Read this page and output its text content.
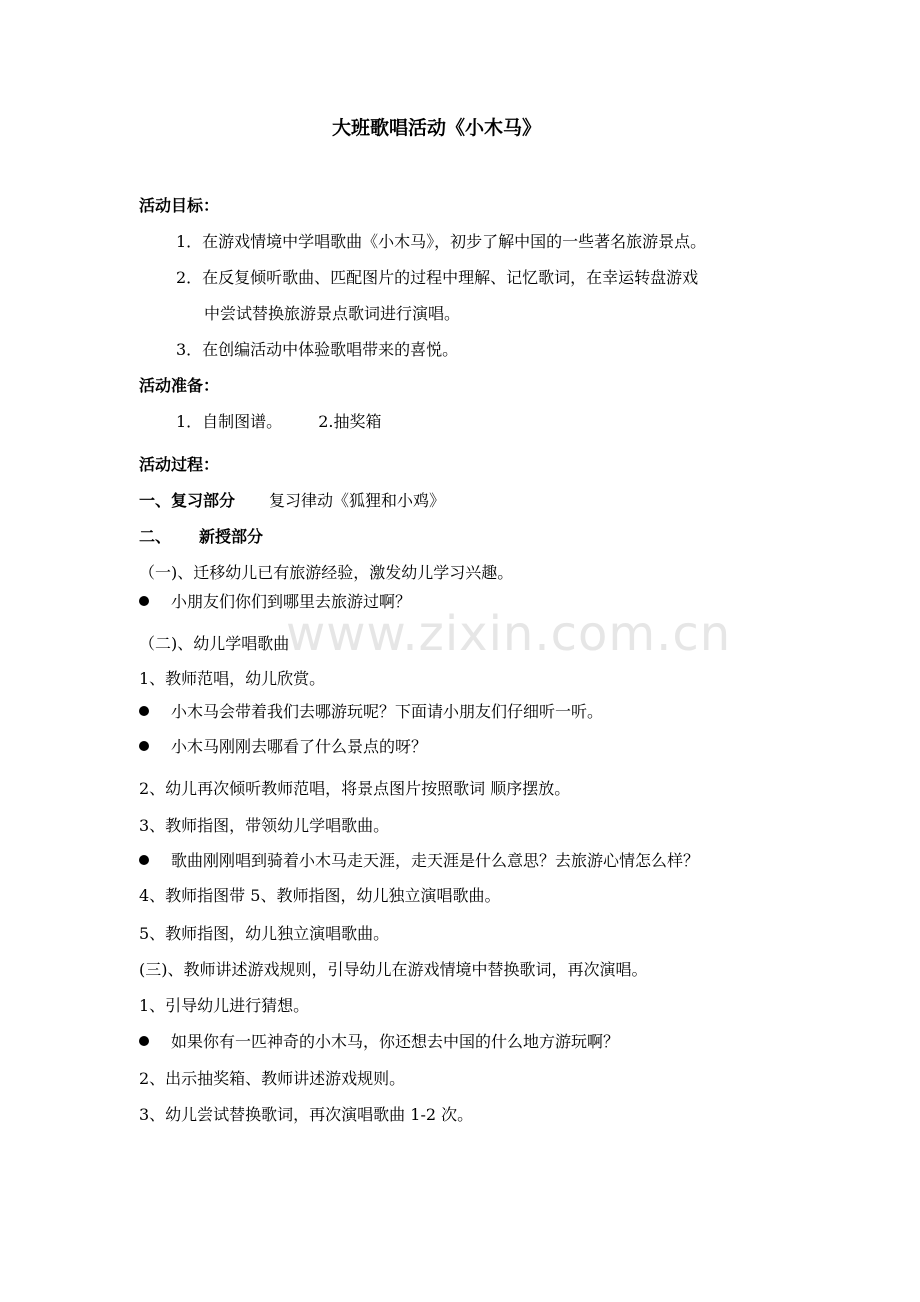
www.zixin.com.cn
大班歌唱活动《小木马》
活动目标：
1．在游戏情境中学唱歌曲《小木马》，初步了解中国的一些著名旅游景点。
2．在反复倾听歌曲、匹配图片的过程中理解、记忆歌词，在幸运转盘游戏
中尝试替换旅游景点歌词进行演唱。
3．在创编活动中体验歌唱带来的喜悦。
活动准备：
1．自制图谱。 2.抽奖箱
活动过程：
一、复习部分 复习律动《狐狸和小鸡》
二、 新授部分
（一)、迁移幼儿已有旅游经验，激发幼儿学习兴趣。
小朋友们你们到哪里去旅游过啊？
（二)、幼儿学唱歌曲
1、教师范唱，幼儿欣赏。
小木马会带着我们去哪游玩呢？下面请小朋友们仔细听一听。
小木马刚刚去哪看了什么景点的呀？
2、幼儿再次倾听教师范唱，将景点图片按照歌词 顺序摆放。
3、教师指图，带领幼儿学唱歌曲。
歌曲刚刚唱到骑着小木马走天涯，走天涯是什么意思？去旅游心情怎么样？
4、教师指图带 5、教师指图，幼儿独立演唱歌曲。
5、教师指图，幼儿独立演唱歌曲。
(三)、教师讲述游戏规则，引导幼儿在游戏情境中替换歌词，再次演唱。
1、引导幼儿进行猜想。
如果你有一匹神奇的小木马，你还想去中国的什么地方游玩啊？
2、出示抽奖箱、教师讲述游戏规则。
3、幼儿尝试替换歌词，再次演唱歌曲 1-2 次。
